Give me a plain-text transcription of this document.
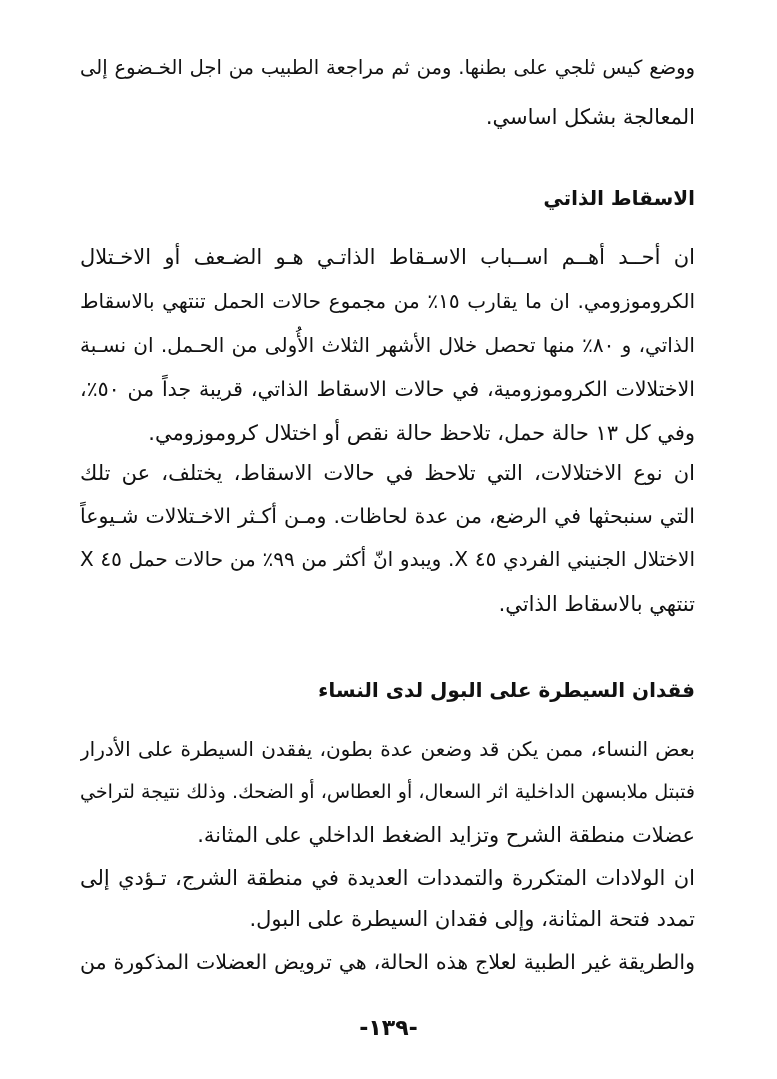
ووضع كيس ثلجي على بطنها. ومن ثم مراجعة الطبيب من اجل الخـضوع إلى
المعالجة بشكل اساسي.
الاسقاط الذاتي
ان أحــد أهــم اســباب الاسـقاط الذاتـي هـو الضـعف أو الاخـتلال
الكروموزومي. ان ما يقارب ١٥٪ من مجموع حالات الحمل تنتهي بالاسقاط
الذاتي، و ٨٠٪ منها تحصل خلال الأشهر الثلاث الأُولى من الحـمل. ان نسـبة
الاختلالات الكروموزومية، في حالات الاسقاط الذاتي، قريبة جداً من ٥٠٪،
وفي كل ١٣ حالة حمل، تلاحظ حالة نقص أو اختلال كروموزومي.
ان نوع الاختلالات، التي تلاحظ في حالات الاسقاط، يختلف، عن تلك
التي سنبحثها في الرضع، من عدة لحاظات. ومـن أكـثر الاخـتلالات شـيوعاً
الاختلال الجنيني الفردي ٤٥ X. ويبدو انّ أكثر من ٩٩٪ من حالات حمل ٤٥ X
تنتهي بالاسقاط الذاتي.
فقدان السيطرة على البول لدى النساء
بعض النساء، ممن يكن قد وضعن عدة بطون، يفقدن السيطرة على الأدرار
فتبتل ملابسهن الداخلية اثر السعال، أو العطاس، أو الضحك. وذلك نتيجة لتراخي
عضلات منطقة الشرح وتزايد الضغط الداخلي على المثانة.
ان الولادات المتكررة والتمددات العديدة في منطقة الشرج، تـؤدي إلى
تمدد فتحة المثانة، وإلى فقدان السيطرة على البول.
والطريقة غير الطبية لعلاج هذه الحالة، هي ترويض العضلات المذكورة من
-١٣٩-
